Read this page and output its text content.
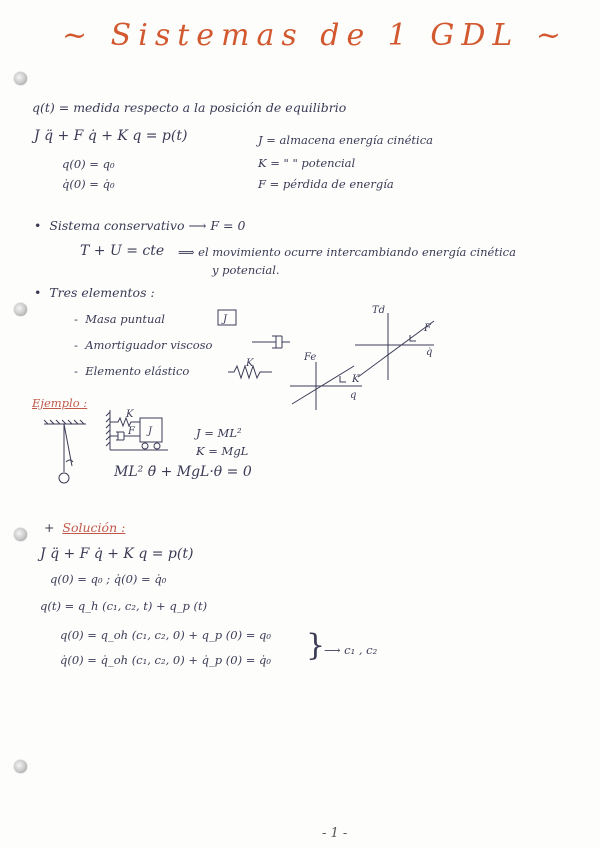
~ Sistemas de 1 GDL ~
q(t) = medida respecto a la posición de equilibrio
J q̈ + F q̇ + K q = p(t)
q(0) = q₀
q̇(0) = q̇₀
J = almacena energía cinética
K = " " potencial
F = pérdida de energía
•  Sistema conservativo ⟶ F = 0
T + U = cte ⟹ el movimiento ocurre intercambiando energía cinética
y potencial.
•  Tres elementos :
-  Masa puntual
-  Amortiguador viscoso
-  Elemento elástico
J
K
Td
q̇
F
Fe
q
K
Ejemplo :
K
F J	J = ML²
K = MgL
ML² θ̈ + MgL·θ = 0
+  Solución :
J q̈ + F q̇ + K q = p(t)
q(0) = q₀ ; q̇(0) = q̇₀
q(t) = q_h (c₁, c₂, t) + q_p (t)
q(0) = q_oh (c₁, c₂, 0) + q_p (0) = q₀
q̇(0) = q̇_oh (c₁, c₂, 0) + q̇_p (0) = q̇₀ }
⟶ c₁ , c₂
- 1 -
